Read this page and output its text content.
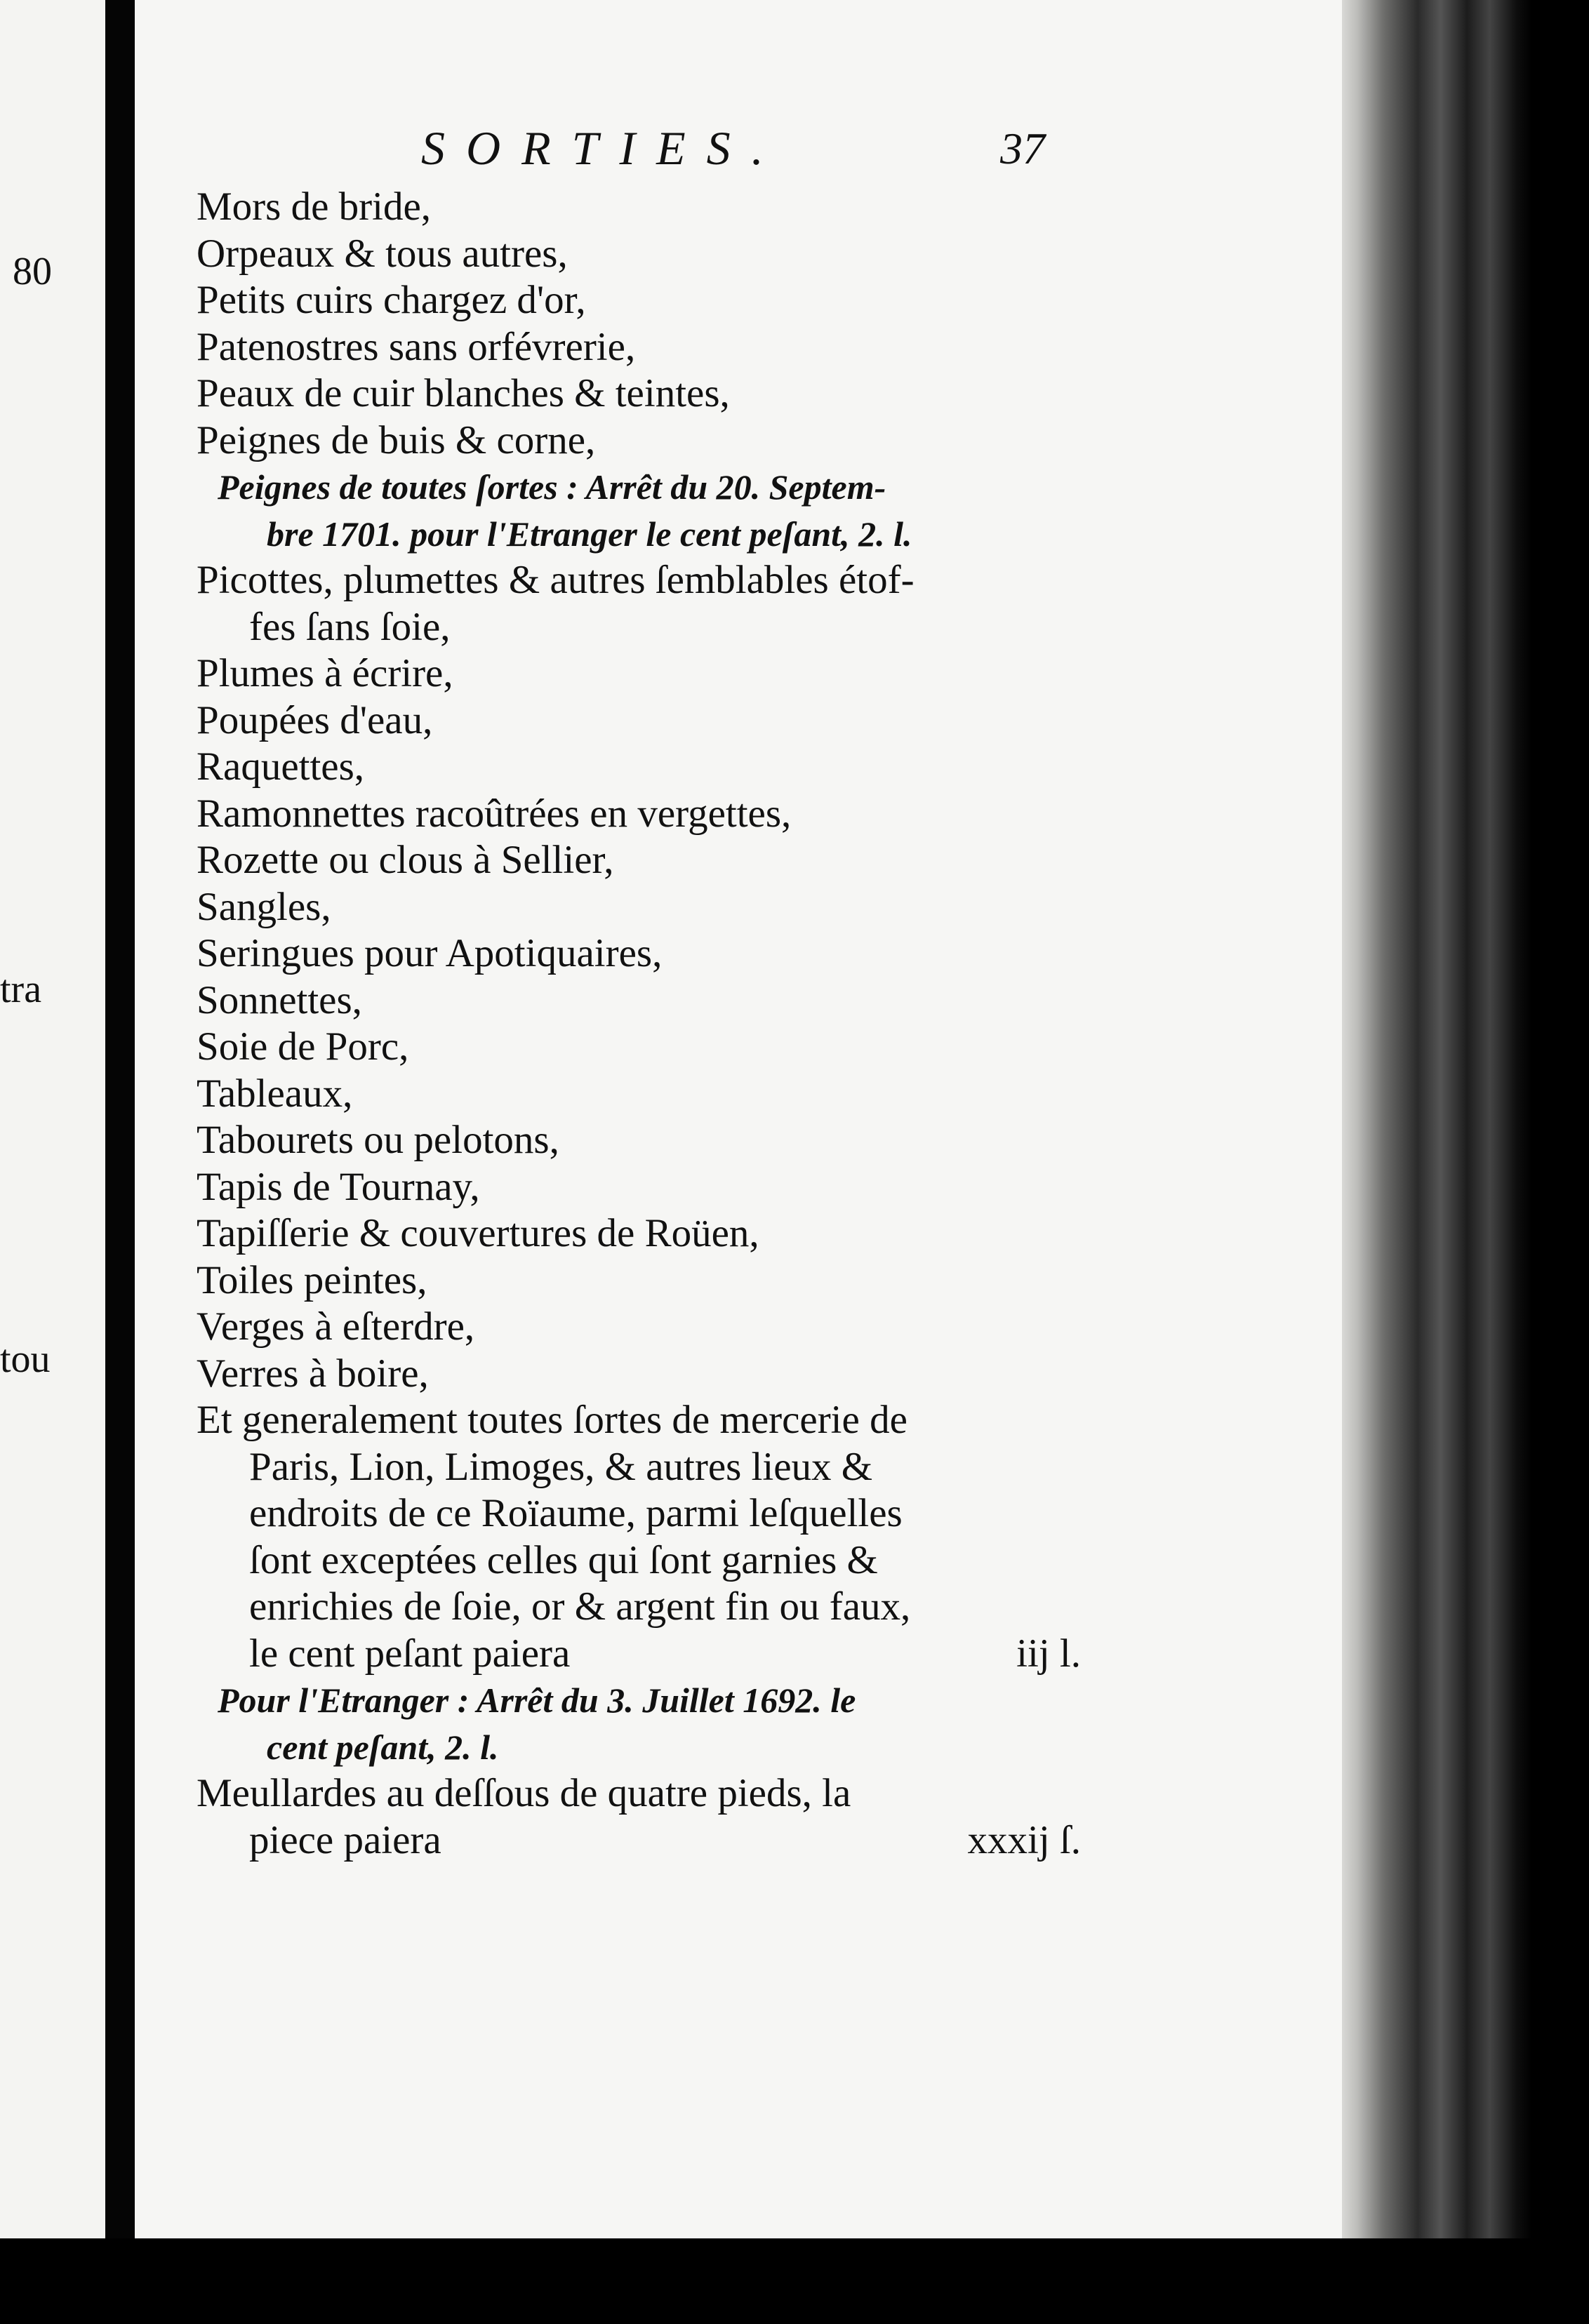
80
tra
tou
SORTIES.	37
Mors de bride,
Orpeaux & tous autres,
Petits cuirs chargez d'or,
Patenostres sans orfévrerie,
Peaux de cuir blanches & teintes,
Peignes de buis & corne,
Peignes de toutes ſortes : Arrêt du 20. Septem-
bre 1701. pour l'Etranger le cent peſant, 2. l.
Picottes, plumettes & autres ſemblables étof-
fes ſans ſoie,
Plumes à écrire,
Poupées d'eau,
Raquettes,
Ramonnettes racoûtrées en vergettes,
Rozette ou clous à Sellier,
Sangles,
Seringues pour Apotiquaires,
Sonnettes,
Soie de Porc,
Tableaux,
Tabourets ou pelotons,
Tapis de Tournay,
Tapiſſerie & couvertures de Roüen,
Toiles peintes,
Verges à eſterdre,
Verres à boire,
Et generalement toutes ſortes de mercerie de
Paris, Lion, Limoges, & autres lieux &
endroits de ce Roïaume, parmi leſquelles
ſont exceptées celles qui ſont garnies &
enrichies de ſoie, or & argent fin ou faux,
le cent peſant paiera	iij l.
Pour l'Etranger : Arrêt du 3. Juillet 1692. le
cent peſant, 2. l.
Meullardes au deſſous de quatre pieds, la
piece paiera	xxxij ſ.
